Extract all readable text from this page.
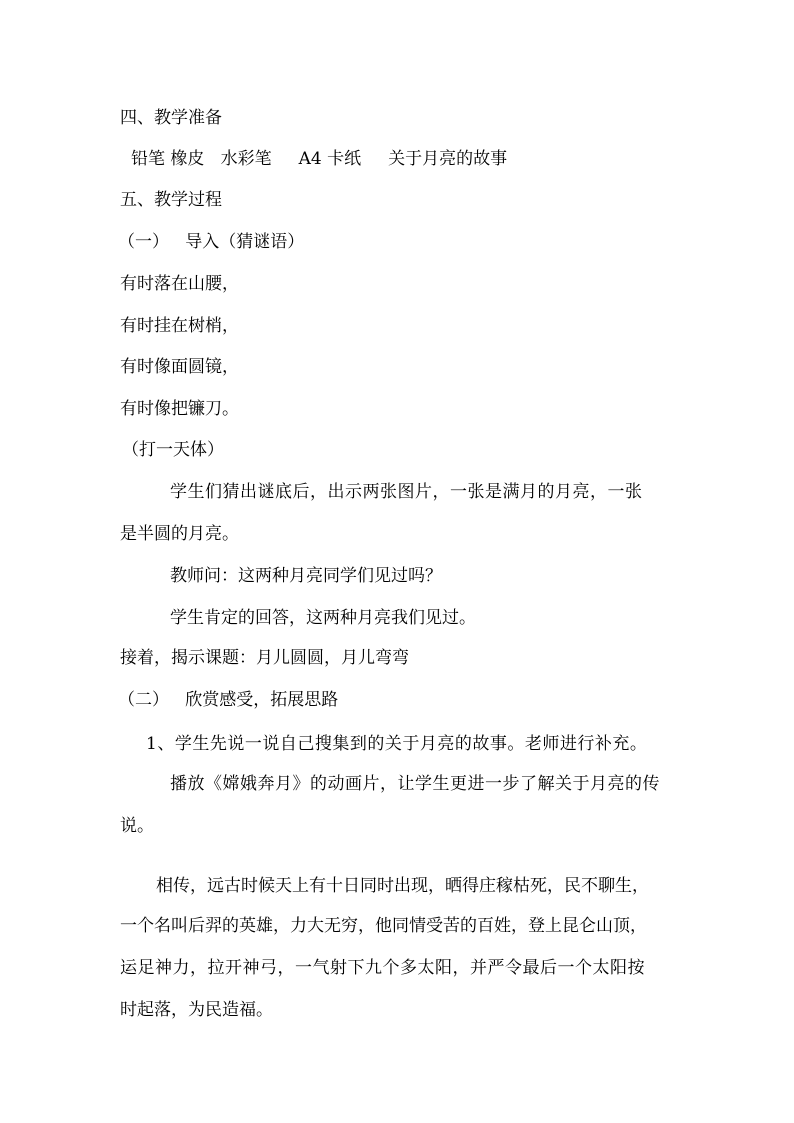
四、教学准备
铅笔 橡皮   水彩笔     A4 卡纸     关于月亮的故事
五、教学过程
（一）   导入（猜谜语）
有时落在山腰，
有时挂在树梢，
有时像面圆镜，
有时像把镰刀。
（打一天体）
学生们猜出谜底后，出示两张图片，一张是满月的月亮，一张
是半圆的月亮。
教师问：这两种月亮同学们见过吗？
学生肯定的回答，这两种月亮我们见过。
接着，揭示课题：月儿圆圆，月儿弯弯
（二）   欣赏感受，拓展思路
1、学生先说一说自己搜集到的关于月亮的故事。老师进行补充。
播放《嫦娥奔月》的动画片，让学生更进一步了解关于月亮的传
说。
相传，远古时候天上有十日同时出现，晒得庄稼枯死，民不聊生，
一个名叫后羿的英雄，力大无穷，他同情受苦的百姓，登上昆仑山顶，
运足神力，拉开神弓，一气射下九个多太阳，并严令最后一个太阳按
时起落，为民造福。
